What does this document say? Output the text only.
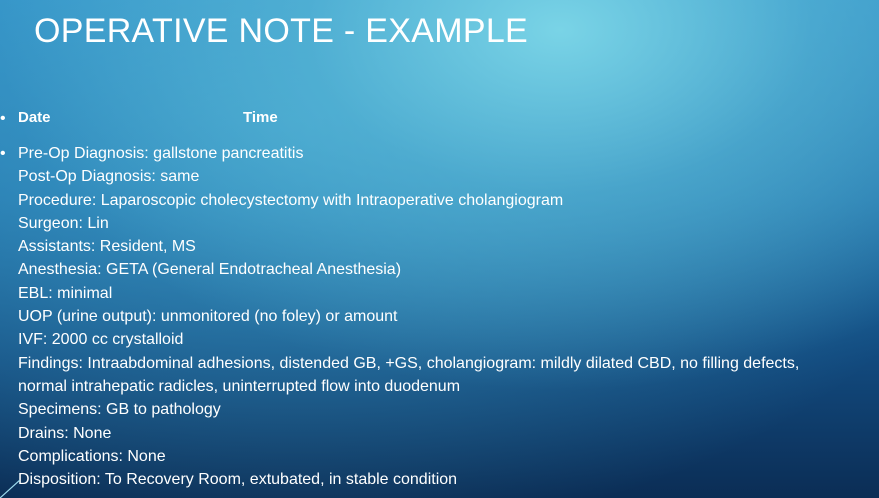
OPERATIVE NOTE - EXAMPLE
• Date	Time
• Pre-Op Diagnosis: gallstone pancreatitis
Post-Op Diagnosis: same
Procedure: Laparoscopic cholecystectomy with Intraoperative cholangiogram
Surgeon: Lin
Assistants: Resident, MS
Anesthesia: GETA (General Endotracheal Anesthesia)
EBL: minimal
UOP (urine output): unmonitored (no foley) or amount
IVF: 2000 cc crystalloid
Findings: Intraabdominal adhesions, distended GB, +GS, cholangiogram: mildly dilated CBD, no filling defects,
normal intrahepatic radicles, uninterrupted flow into duodenum
Specimens: GB to pathology
Drains: None
Complications: None
Disposition: To Recovery Room, extubated, in stable condition
